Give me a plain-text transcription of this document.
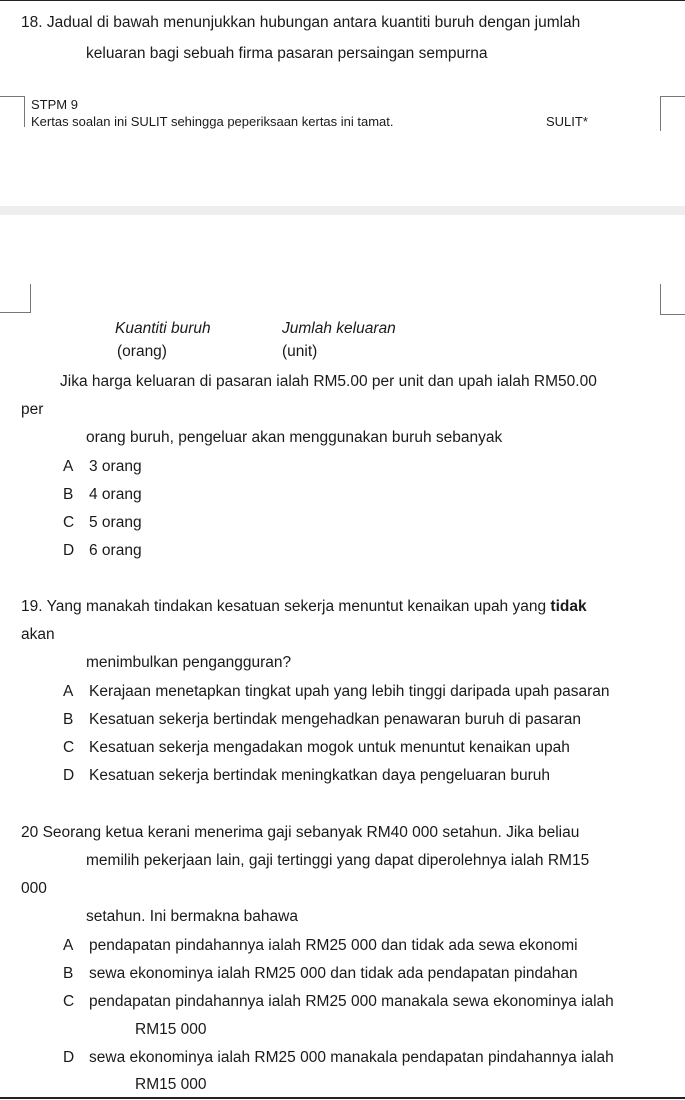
18. Jadual di bawah menunjukkan hubungan antara kuantiti buruh dengan jumlah
keluaran bagi sebuah firma pasaran persaingan sempurna
STPM 9
Kertas soalan ini SULIT sehingga peperiksaan kertas ini tamat.	SULIT*
Kuantiti buruh	Jumlah keluaran
(orang)	(unit)
Jika harga keluaran di pasaran ialah RM5.00 per unit dan upah ialah RM50.00
per
orang buruh, pengeluar akan menggunakan buruh sebanyak
A 3 orang
B 4 orang
C 5 orang
D 6 orang
19. Yang manakah tindakan kesatuan sekerja menuntut kenaikan upah yang tidak
akan
menimbulkan pengangguran?
A Kerajaan menetapkan tingkat upah yang lebih tinggi daripada upah pasaran
B Kesatuan sekerja bertindak mengehadkan penawaran buruh di pasaran
C Kesatuan sekerja mengadakan mogok untuk menuntut kenaikan upah
D Kesatuan sekerja bertindak meningkatkan daya pengeluaran buruh
20 Seorang ketua kerani menerima gaji sebanyak RM40 000 setahun. Jika beliau
memilih pekerjaan lain, gaji tertinggi yang dapat diperolehnya ialah RM15
000
setahun. Ini bermakna bahawa
A pendapatan pindahannya ialah RM25 000 dan tidak ada sewa ekonomi
B sewa ekonominya ialah RM25 000 dan tidak ada pendapatan pindahan
C pendapatan pindahannya ialah RM25 000 manakala sewa ekonominya ialah
RM15 000
D sewa ekonominya ialah RM25 000 manakala pendapatan pindahannya ialah
RM15 000
